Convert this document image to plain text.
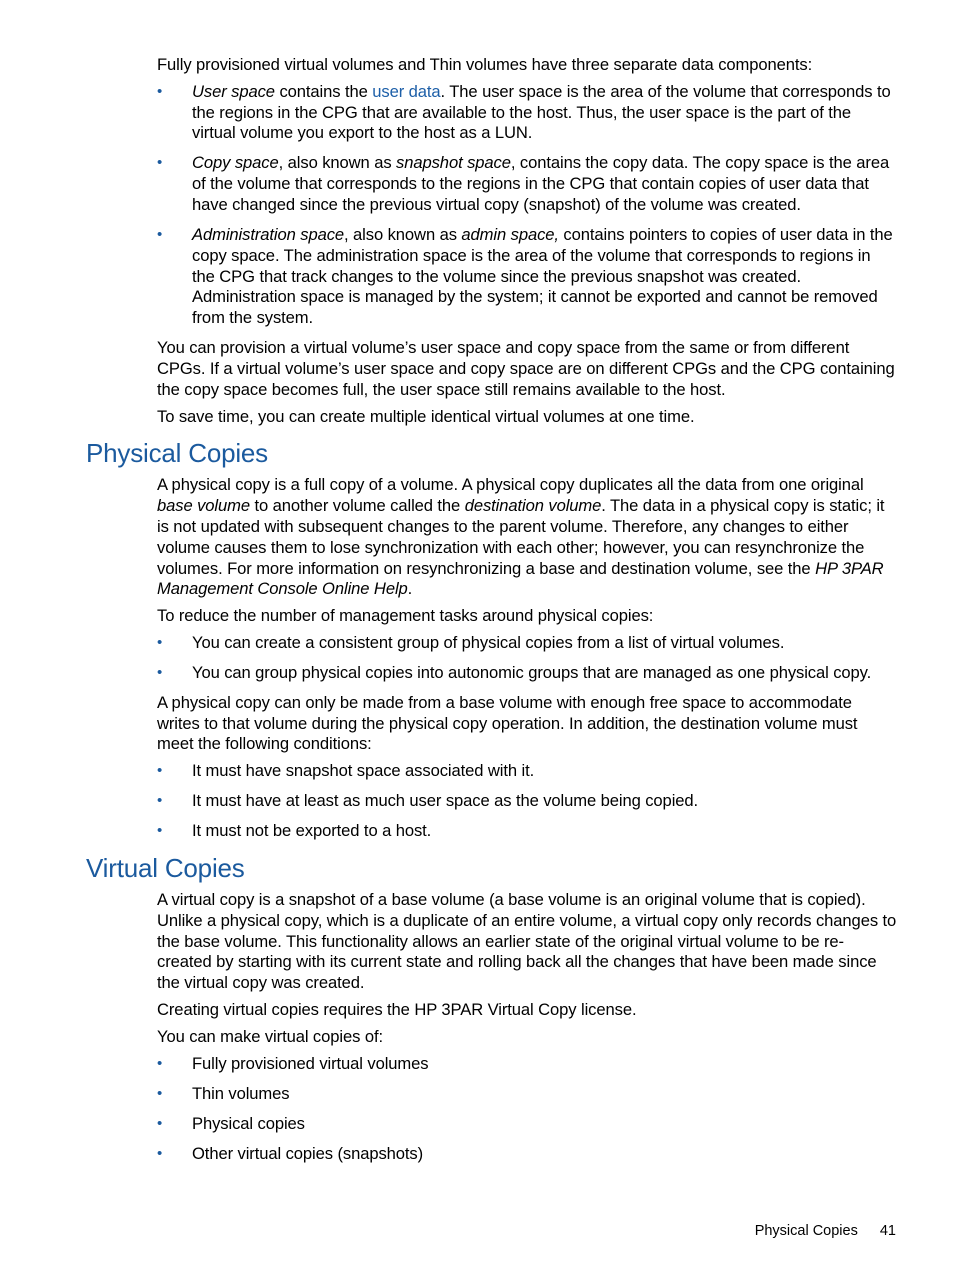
Fully provisioned virtual volumes and Thin volumes have three separate data components:

• User space contains the user data. The user space is the area of the volume that corresponds to the regions in the CPG that are available to the host. Thus, the user space is the part of the virtual volume you export to the host as a LUN.
• Copy space, also known as snapshot space, contains the copy data. The copy space is the area of the volume that corresponds to the regions in the CPG that contain copies of user data that have changed since the previous virtual copy (snapshot) of the volume was created.
• Administration space, also known as admin space, contains pointers to copies of user data in the copy space. The administration space is the area of the volume that corresponds to regions in the CPG that track changes to the volume since the previous snapshot was created. Administration space is managed by the system; it cannot be exported and cannot be removed from the system.

You can provision a virtual volume’s user space and copy space from the same or from different CPGs. If a virtual volume’s user space and copy space are on different CPGs and the CPG containing the copy space becomes full, the user space still remains available to the host.

To save time, you can create multiple identical virtual volumes at one time.

Physical Copies

A physical copy is a full copy of a volume. A physical copy duplicates all the data from one original base volume to another volume called the destination volume. The data in a physical copy is static; it is not updated with subsequent changes to the parent volume. Therefore, any changes to either volume causes them to lose synchronization with each other; however, you can resynchronize the volumes. For more information on resynchronizing a base and destination volume, see the HP 3PAR Management Console Online Help.

To reduce the number of management tasks around physical copies:

• You can create a consistent group of physical copies from a list of virtual volumes.
• You can group physical copies into autonomic groups that are managed as one physical copy.

A physical copy can only be made from a base volume with enough free space to accommodate writes to that volume during the physical copy operation. In addition, the destination volume must meet the following conditions:

• It must have snapshot space associated with it.
• It must have at least as much user space as the volume being copied.
• It must not be exported to a host.
Virtual Copies

A virtual copy is a snapshot of a base volume (a base volume is an original volume that is copied). Unlike a physical copy, which is a duplicate of an entire volume, a virtual copy only records changes to the base volume. This functionality allows an earlier state of the original virtual volume to be re-created by starting with its current state and rolling back all the changes that have been made since the virtual copy was created.

Creating virtual copies requires the HP 3PAR Virtual Copy license.

You can make virtual copies of:

• Fully provisioned virtual volumes
• Thin volumes
• Physical copies
• Other virtual copies (snapshots)
Physical Copies 41
